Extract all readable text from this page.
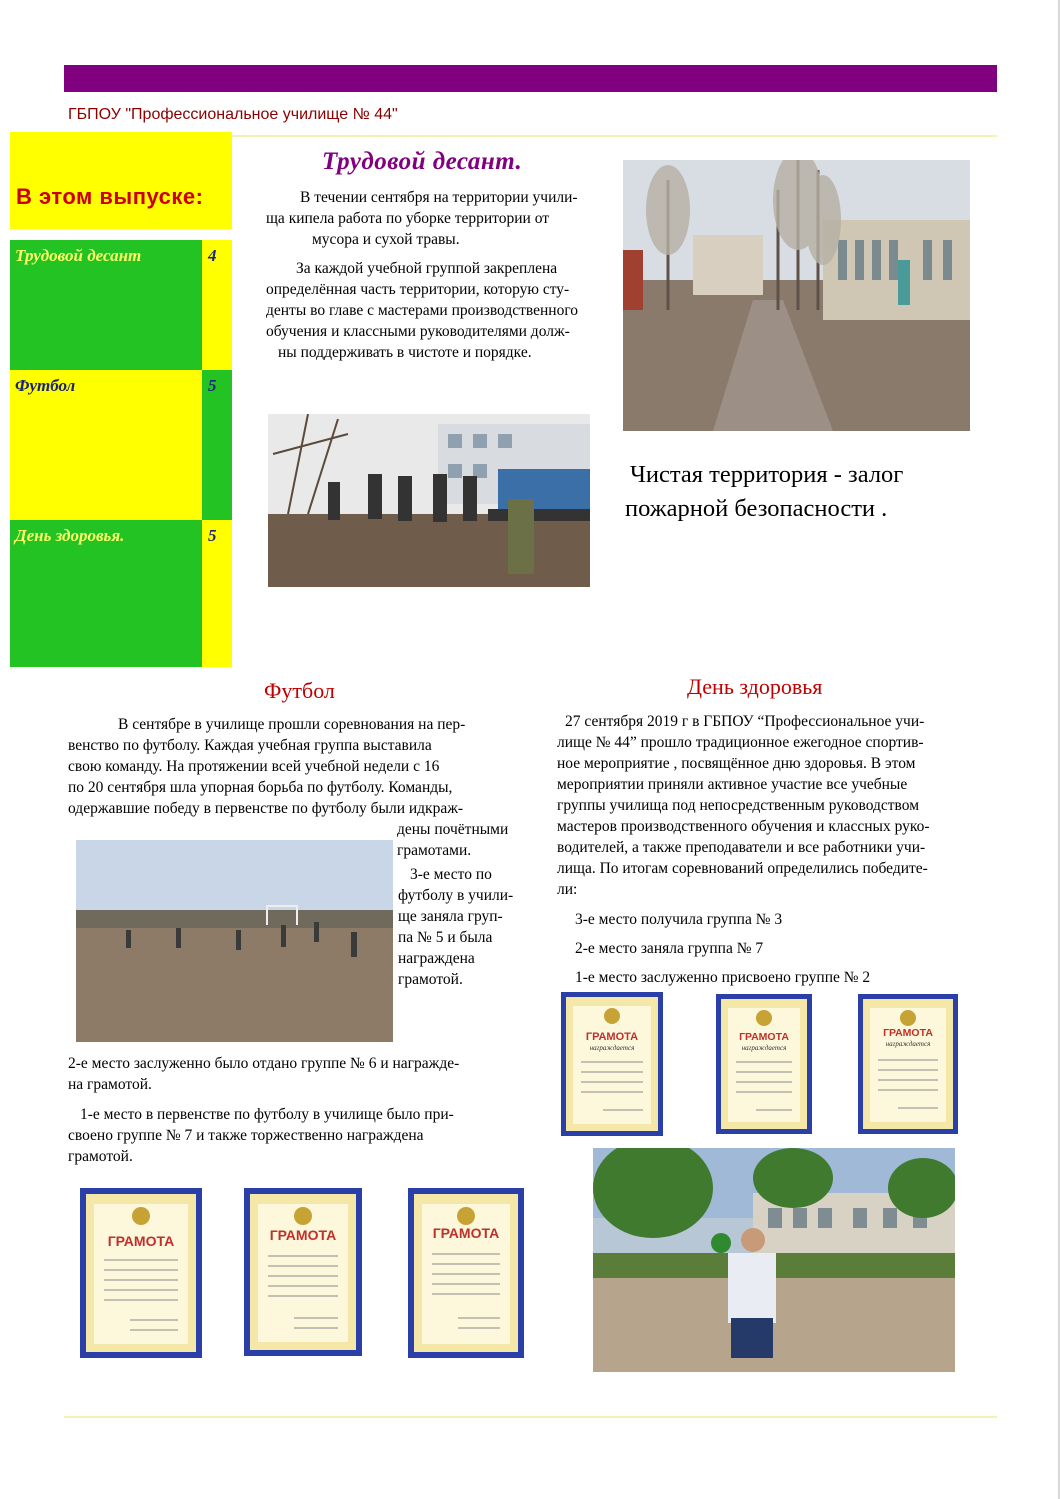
ГБПОУ "Профессиональное училище № 44"
В этом выпуске:
Трудовой десант	4
Футбол	5
День здоровья.	5
Трудовой десант.
В течении сентября на территории учили-
ща кипела работа по уборке территории от
мусора и сухой травы.
За каждой учебной группой закреплена
определённая часть территории, которую сту-
денты во главе с мастерами производственного
обучения и классными руководителями долж-
ны поддерживать в чистоте и порядке.
Чистая территория - залог
пожарной безопасности .
Футбол
В сентябре в училище прошли соревнования на пер-
венство по футболу. Каждая учебная группа выставила
свою команду. На протяжении всей учебной недели с 16
по 20 сентября шла упорная борьба по футболу. Команды,
одержавшие победу в первенстве по футболу были идкраж-
дены почётными
грамотами.
3-е место по
футболу в учили-
ще заняла груп-
па № 5 и была
награждена
грамотой.
2-е место заслуженно было отдано группе № 6 и награжде-
на грамотой.
1-е место в первенстве по футболу в училище было при-
своено группе № 7 и также торжественно награждена
грамотой.
ГРАМОТА	ГРАМОТА	ГРАМОТА
День здоровья
27 сентября 2019 г в ГБПОУ “Профессиональное учи-
лище № 44” прошло традиционное ежегодное спортив-
ное мероприятие , посвящённое дню здоровья. В этом
мероприятии приняли активное участие все учебные
группы училища под непосредственным руководством
мастеров производственного обучения и классных руко-
водителей, а также преподаватели и все работники учи-
лища. По итогам соревнований определились победите-
ли:
3-е место получила группа № 3
2-е место заняла группа № 7
1-е место заслуженно присвоено группе № 2
ГРАМОТА
награждается
ГРАМОТА
награждается
ГРАМОТА
награждается
